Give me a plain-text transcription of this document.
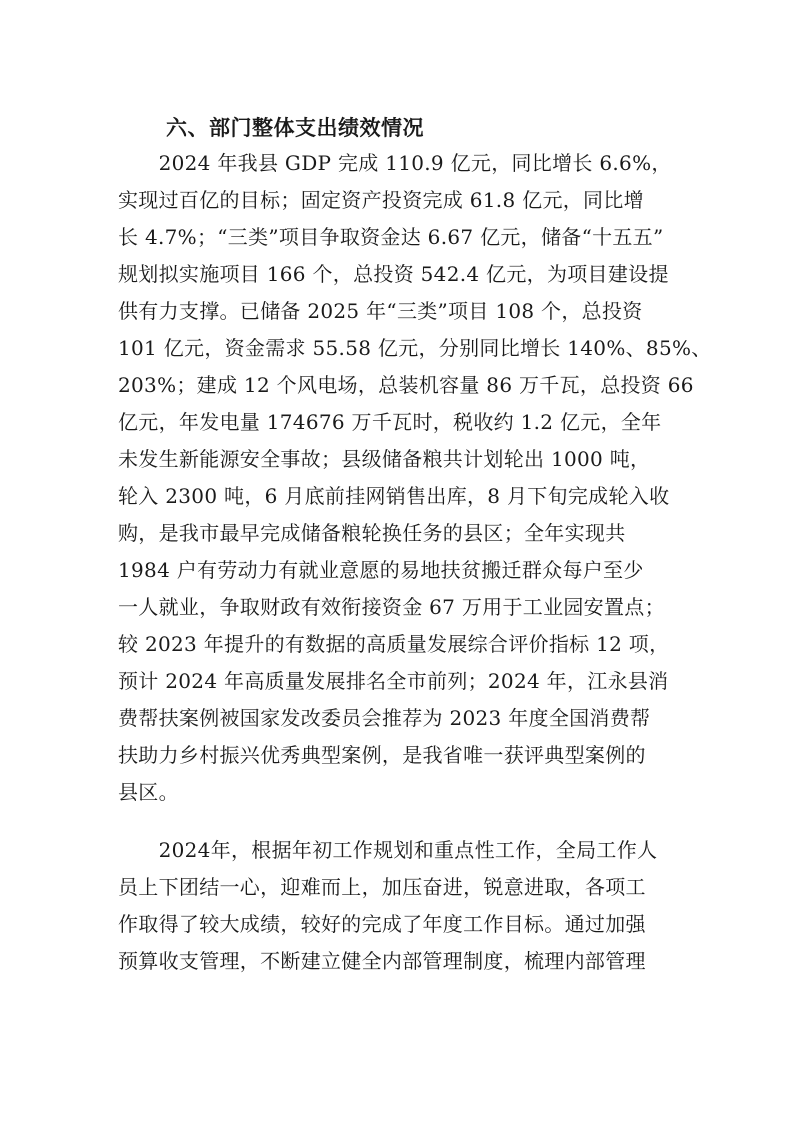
六、部门整体支出绩效情况
　　2024 年我县 GDP 完成 110.9 亿元，同比增长 6.6%，
实现过百亿的目标；固定资产投资完成 61.8 亿元，同比增
长 4.7%；“三类”项目争取资金达 6.67 亿元，储备“十五五”
规划拟实施项目 166 个，总投资 542.4 亿元，为项目建设提
供有力支撑。已储备 2025 年“三类”项目 108 个，总投资
101 亿元，资金需求 55.58 亿元，分别同比增长 140%、85%、
203%；建成 12 个风电场，总装机容量 86 万千瓦，总投资 66
亿元，年发电量 174676 万千瓦时，税收约 1.2 亿元，全年
未发生新能源安全事故；县级储备粮共计划轮出 1000 吨，
轮入 2300 吨，6 月底前挂网销售出库，8 月下旬完成轮入收
购，是我市最早完成储备粮轮换任务的县区；全年实现共
1984 户有劳动力有就业意愿的易地扶贫搬迁群众每户至少
一人就业，争取财政有效衔接资金 67 万用于工业园安置点；
较 2023 年提升的有数据的高质量发展综合评价指标 12 项，
预计 2024 年高质量发展排名全市前列；2024 年，江永县消
费帮扶案例被国家发改委员会推荐为 2023 年度全国消费帮
扶助力乡村振兴优秀典型案例，是我省唯一获评典型案例的
县区。
　　2024年，根据年初工作规划和重点性工作，全局工作人
员上下团结一心，迎难而上，加压奋进，锐意进取，各项工
作取得了较大成绩，较好的完成了年度工作目标。通过加强
预算收支管理，不断建立健全内部管理制度，梳理内部管理
